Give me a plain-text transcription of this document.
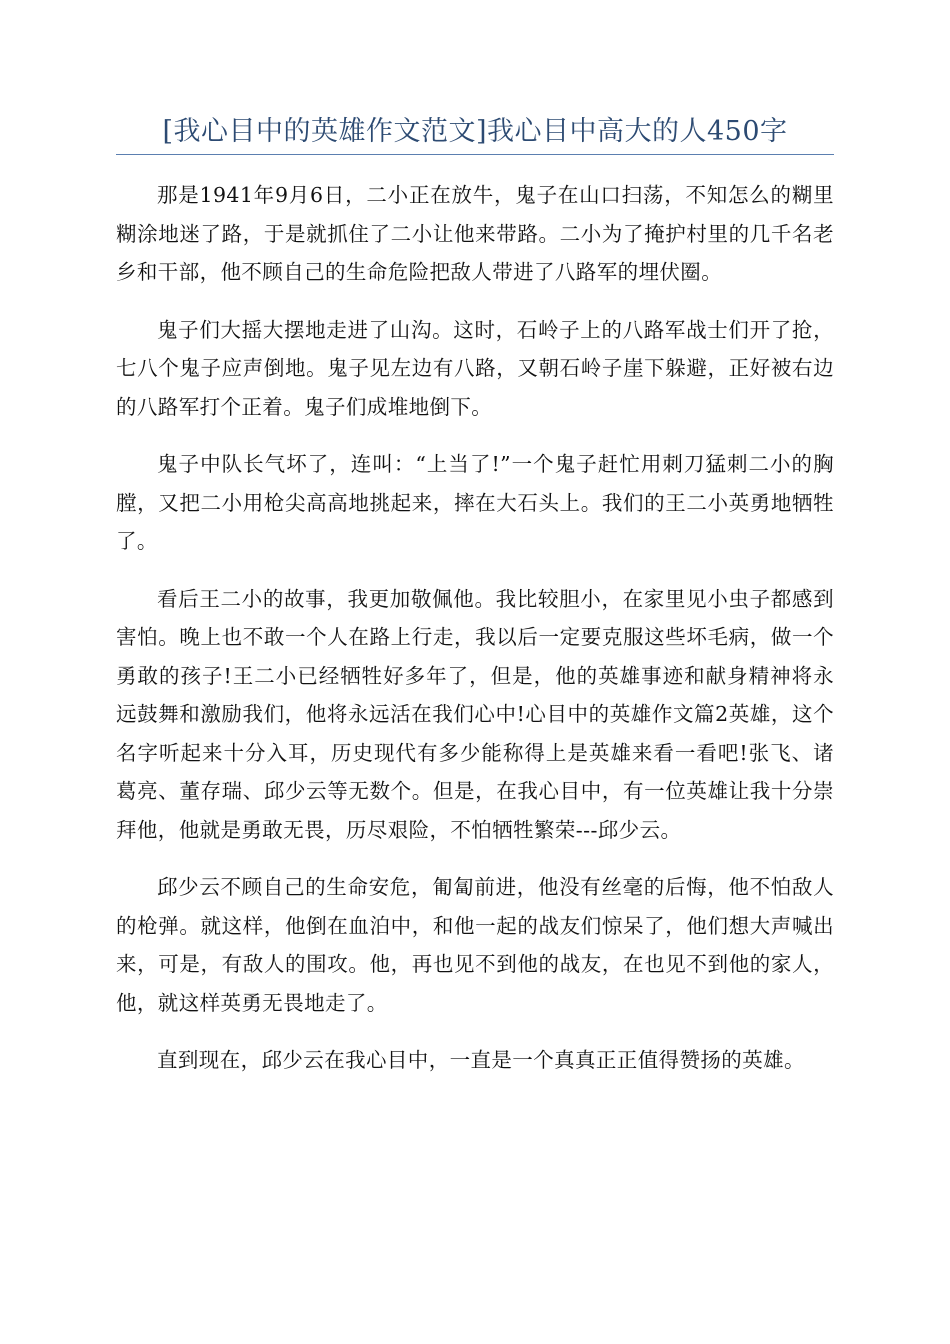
[我心目中的英雄作文范文]我心目中高大的人450字

那是1941年9月6日，二小正在放牛，鬼子在山口扫荡，不知怎么的糊里糊涂地迷了路，于是就抓住了二小让他来带路。二小为了掩护村里的几千名老乡和干部，他不顾自己的生命危险把敌人带进了八路军的埋伏圈。

鬼子们大摇大摆地走进了山沟。这时，石岭子上的八路军战士们开了抢，七八个鬼子应声倒地。鬼子见左边有八路，又朝石岭子崖下躲避，正好被右边的八路军打个正着。鬼子们成堆地倒下。

鬼子中队长气坏了，连叫：“上当了!”一个鬼子赶忙用刺刀猛刺二小的胸膛，又把二小用枪尖高高地挑起来，摔在大石头上。我们的王二小英勇地牺牲了。

看后王二小的故事，我更加敬佩他。我比较胆小，在家里见小虫子都感到害怕。晚上也不敢一个人在路上行走，我以后一定要克服这些坏毛病，做一个勇敢的孩子!王二小已经牺牲好多年了，但是，他的英雄事迹和献身精神将永远鼓舞和激励我们，他将永远活在我们心中!心目中的英雄作文篇2英雄，这个名字听起来十分入耳，历史现代有多少能称得上是英雄来看一看吧!张飞、诸葛亮、董存瑞、邱少云等无数个。但是，在我心目中，有一位英雄让我十分崇拜他，他就是勇敢无畏，历尽艰险，不怕牺牲繁荣---邱少云。

邱少云不顾自己的生命安危，匍匐前进，他没有丝毫的后悔，他不怕敌人的枪弹。就这样，他倒在血泊中，和他一起的战友们惊呆了，他们想大声喊出来，可是，有敌人的围攻。他，再也见不到他的战友，在也见不到他的家人，他，就这样英勇无畏地走了。

直到现在，邱少云在我心目中，一直是一个真真正正值得赞扬的英雄。
